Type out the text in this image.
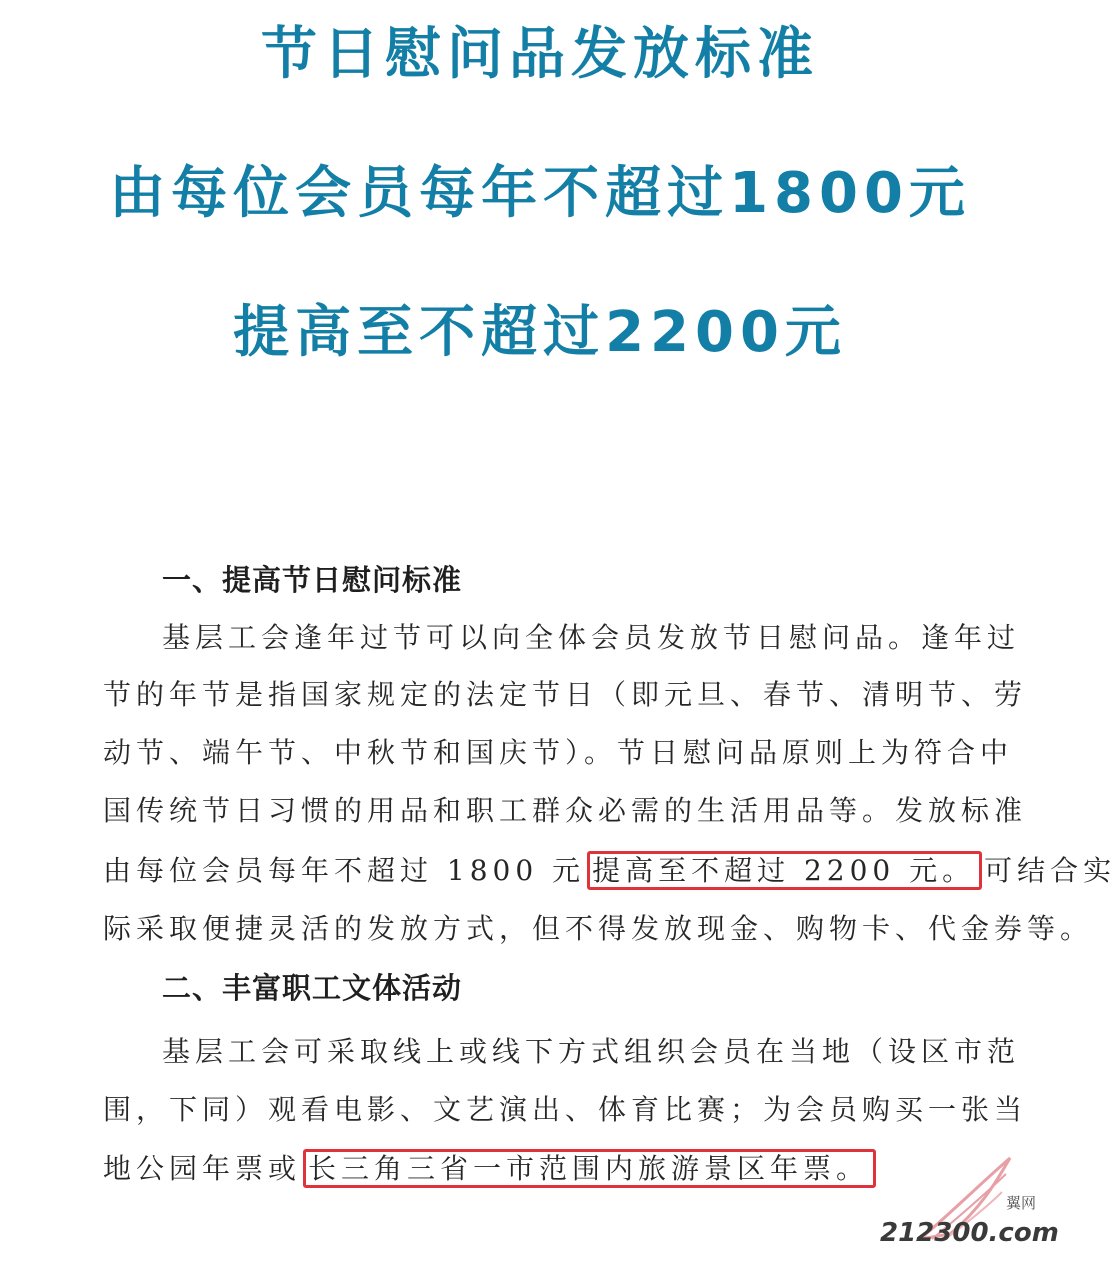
节日慰问品发放标准
由每位会员每年不超过1800元
提高至不超过2200元
一、提高节日慰问标准
基层工会逢年过节可以向全体会员发放节日慰问品。逢年过
节的年节是指国家规定的法定节日（即元旦、春节、清明节、劳
动节、端午节、中秋节和国庆节）。节日慰问品原则上为符合中
国传统节日习惯的用品和职工群众必需的生活用品等。发放标准
由每位会员每年不超过 1800 元 提高至不超过 2200 元。 可结合实
际采取便捷灵活的发放方式，但不得发放现金、购物卡、代金券等。
二、丰富职工文体活动
基层工会可采取线上或线下方式组织会员在当地（设区市范
围，下同）观看电影、文艺演出、体育比赛；为会员购买一张当
地公园年票或 长三角三省一市范围内旅游景区年票。
翼网
212300.com
